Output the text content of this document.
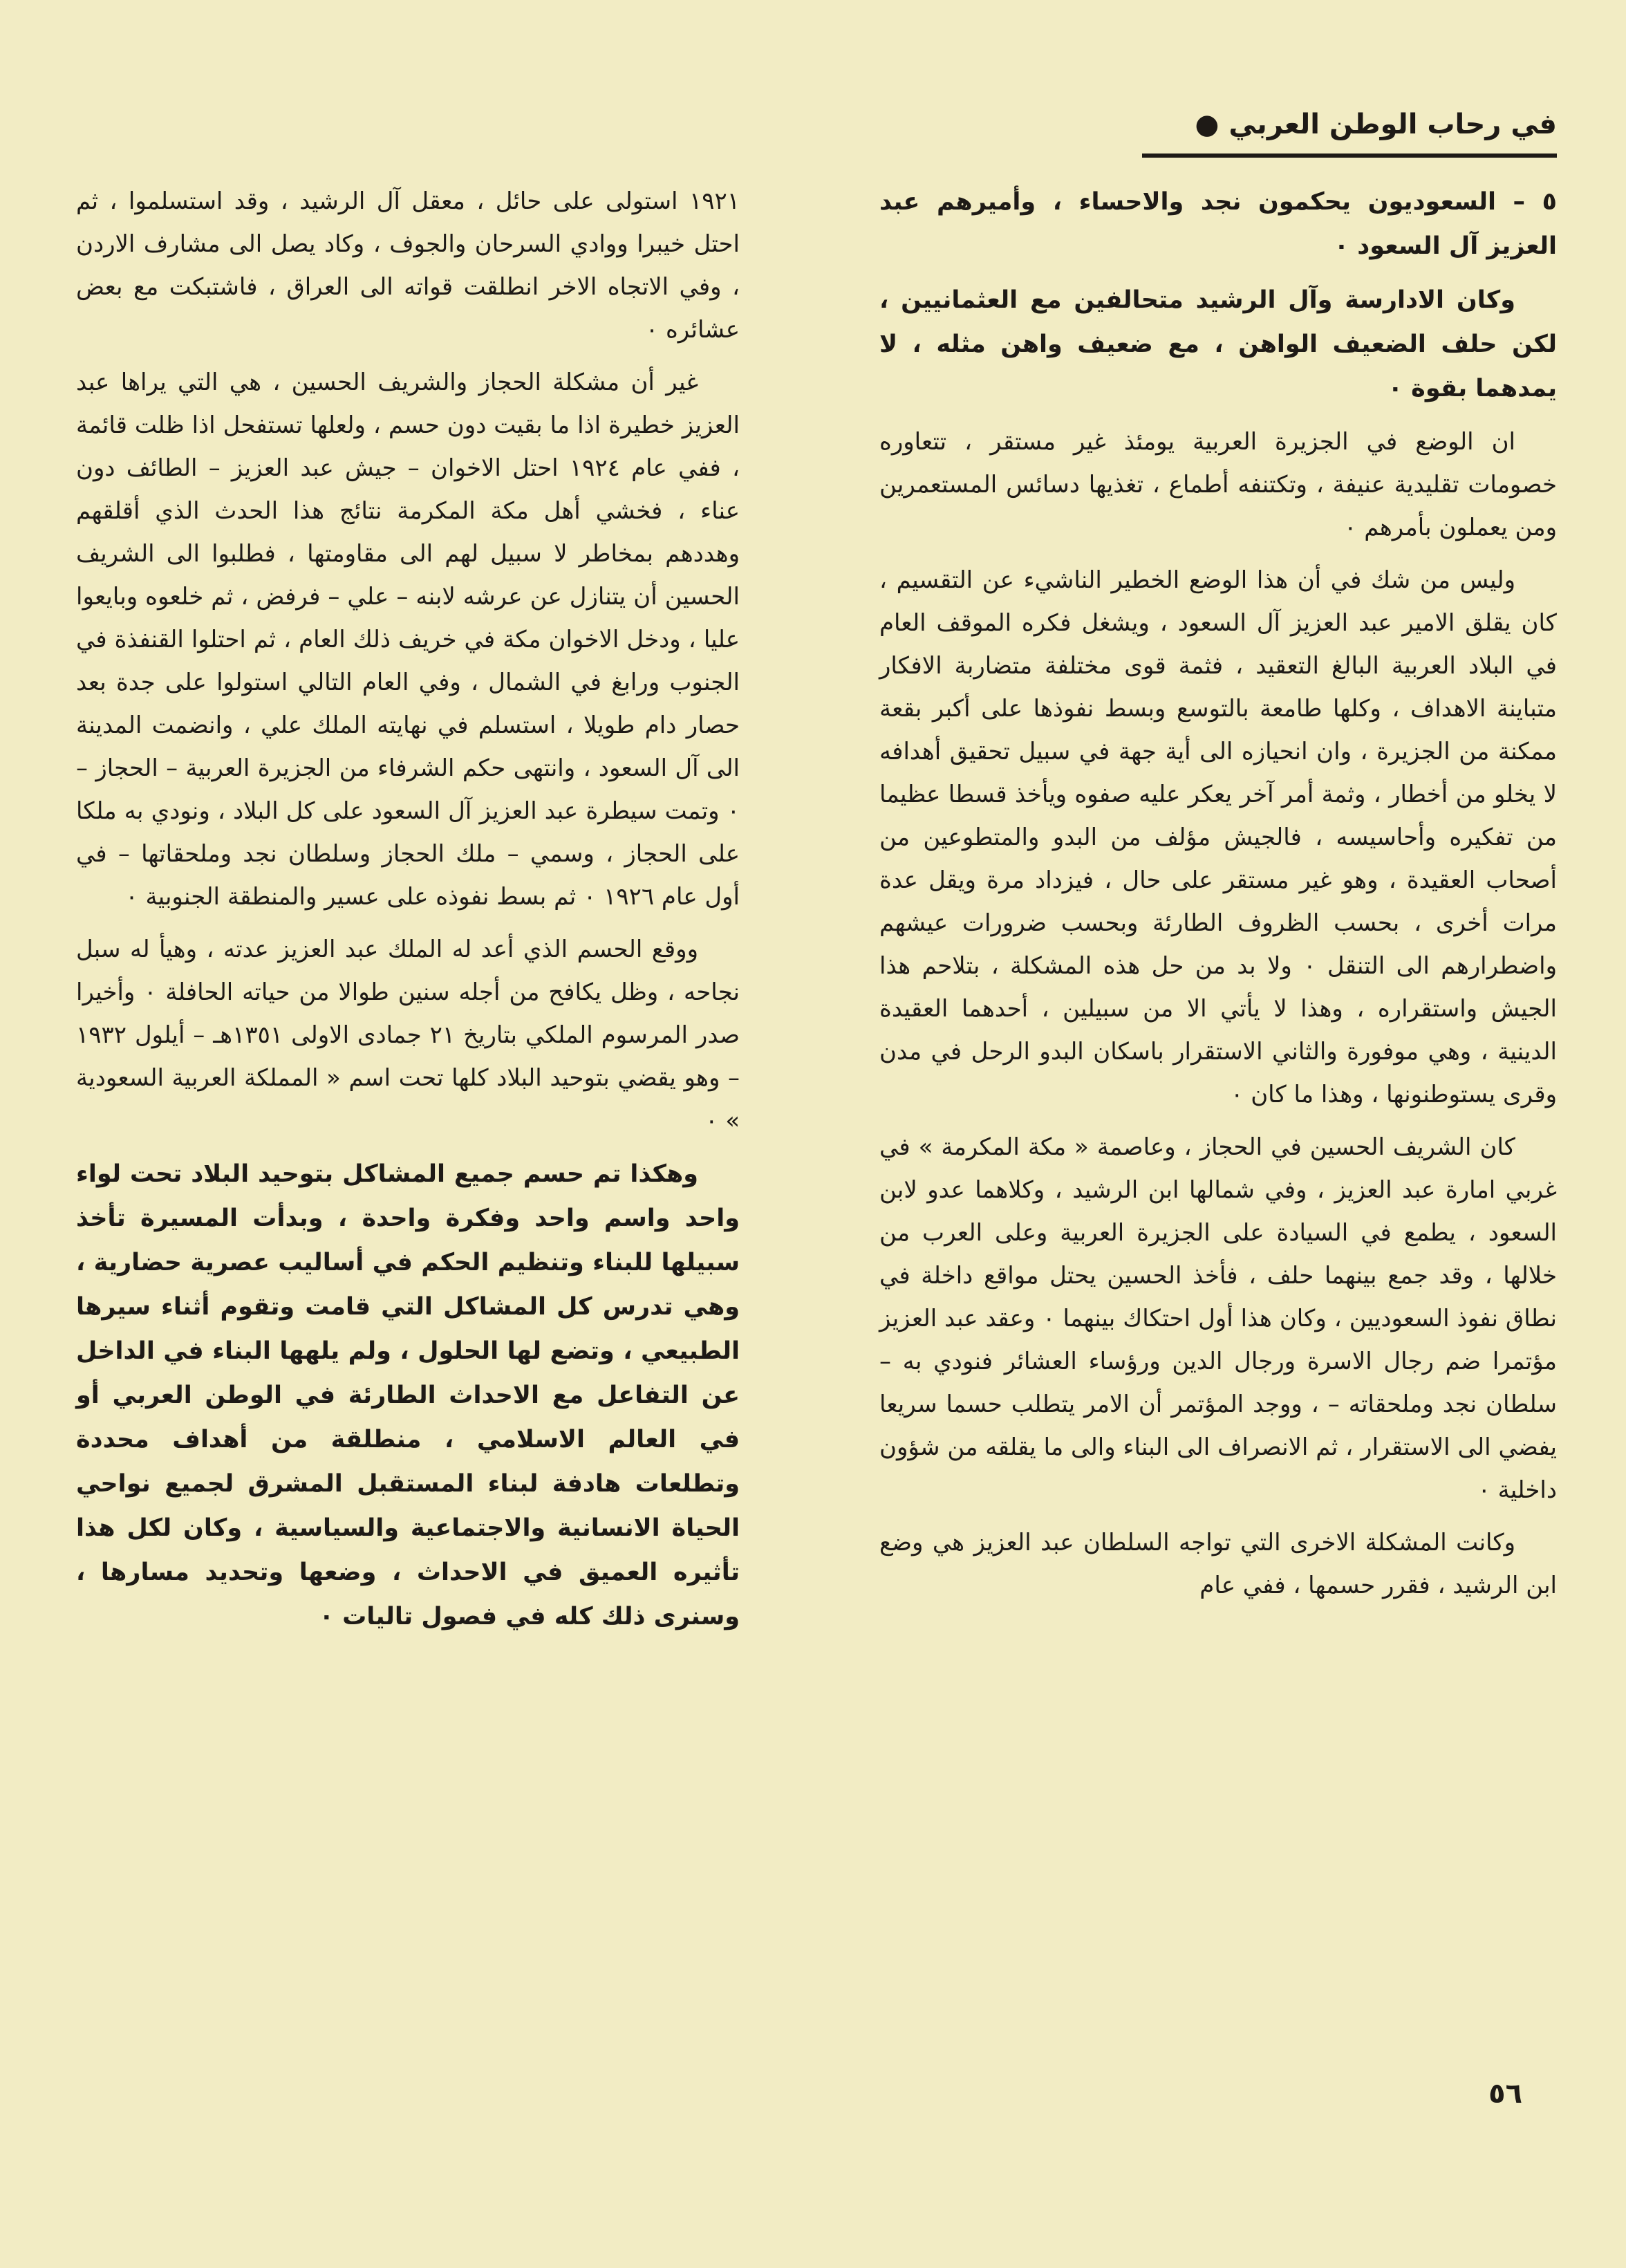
في رحاب الوطن العربي ●

٥ – السعوديون يحكمون نجد والاحساء ، وأميرهم عبد العزيز آل السعود ٠

وكان الادارسة وآل الرشيد متحالفين مع العثمانيين ، لكن حلف الضعيف الواهن ، مع ضعيف واهن مثله ، لا يمدهما بقوة ٠

ان الوضع في الجزيرة العربية يومئذ غير مستقر ، تتعاوره خصومات تقليدية عنيفة ، وتكتنفه أطماع ، تغذيها دسائس المستعمرين ومن يعملون بأمرهم ٠

وليس من شك في أن هذا الوضع الخطير الناشيء عن التقسيم ، كان يقلق الامير عبد العزيز آل السعود ، ويشغل فكره الموقف العام في البلاد العربية البالغ التعقيد ، فثمة قوى مختلفة متضاربة الافكار متباينة الاهداف ، وكلها طامعة بالتوسع وبسط نفوذها على أكبر بقعة ممكنة من الجزيرة ، وان انحيازه الى أية جهة في سبيل تحقيق أهدافه لا يخلو من أخطار ، وثمة أمر آخر يعكر عليه صفوه ويأخذ قسطا عظيما من تفكيره وأحاسيسه ، فالجيش مؤلف من البدو والمتطوعين من أصحاب العقيدة ، وهو غير مستقر على حال ، فيزداد مرة ويقل عدة مرات أخرى ، بحسب الظروف الطارئة وبحسب ضرورات عيشهم واضطرارهم الى التنقل ٠ ولا بد من حل هذه المشكلة ، بتلاحم هذا الجيش واستقراره ، وهذا لا يأتي الا من سبيلين ، أحدهما العقيدة الدينية ، وهي موفورة والثاني الاستقرار باسكان البدو الرحل في مدن وقرى يستوطنونها ، وهذا ما كان ٠

كان الشريف الحسين في الحجاز ، وعاصمة « مكة المكرمة » في غربي امارة عبد العزيز ، وفي شمالها ابن الرشيد ، وكلاهما عدو لابن السعود ، يطمع في السيادة على الجزيرة العربية وعلى العرب من خلالها ، وقد جمع بينهما حلف ، فأخذ الحسين يحتل مواقع داخلة في نطاق نفوذ السعوديين ، وكان هذا أول احتكاك بينهما ٠ وعقد عبد العزيز مؤتمرا ضم رجال الاسرة ورجال الدين ورؤساء العشائر فنودي به – سلطان نجد وملحقاته – ، ووجد المؤتمر أن الامر يتطلب حسما سريعا يفضي الى الاستقرار ، ثم الانصراف الى البناء والى ما يقلقه من شؤون داخلية ٠

وكانت المشكلة الاخرى التي تواجه السلطان عبد العزيز هي وضع ابن الرشيد ، فقرر حسمها ، ففي عام

١٩٢١ استولى على حائل ، معقل آل الرشيد ، وقد استسلموا ، ثم احتل خيبرا ووادي السرحان والجوف ، وكاد يصل الى مشارف الاردن ، وفي الاتجاه الاخر انطلقت قواته الى العراق ، فاشتبكت مع بعض عشائره ٠

غير أن مشكلة الحجاز والشريف الحسين ، هي التي يراها عبد العزيز خطيرة اذا ما بقيت دون حسم ، ولعلها تستفحل اذا ظلت قائمة ، ففي عام ١٩٢٤ احتل الاخوان – جيش عبد العزيز – الطائف دون عناء ، فخشي أهل مكة المكرمة نتائج هذا الحدث الذي أقلقهم وهددهم بمخاطر لا سبيل لهم الى مقاومتها ، فطلبوا الى الشريف الحسين أن يتنازل عن عرشه لابنه – علي – فرفض ، ثم خلعوه وبايعوا عليا ، ودخل الاخوان مكة في خريف ذلك العام ، ثم احتلوا القنفذة في الجنوب ورابغ في الشمال ، وفي العام التالي استولوا على جدة بعد حصار دام طويلا ، استسلم في نهايته الملك علي ، وانضمت المدينة الى آل السعود ، وانتهى حكم الشرفاء من الجزيرة العربية – الحجاز – ٠ وتمت سيطرة عبد العزيز آل السعود على كل البلاد ، ونودي به ملكا على الحجاز ، وسمي – ملك الحجاز وسلطان نجد وملحقاتها – في أول عام ١٩٢٦ ٠ ثم بسط نفوذه على عسير والمنطقة الجنوبية ٠

ووقع الحسم الذي أعد له الملك عبد العزيز عدته ، وهيأ له سبل نجاحه ، وظل يكافح من أجله سنين طوالا من حياته الحافلة ٠ وأخيرا صدر المرسوم الملكي بتاريخ ٢١ جمادى الاولى ١٣٥١هـ – أيلول ١٩٣٢ – وهو يقضي بتوحيد البلاد كلها تحت اسم « المملكة العربية السعودية » ٠

وهكذا تم حسم جميع المشاكل بتوحيد البلاد تحت لواء واحد واسم واحد وفكرة واحدة ، وبدأت المسيرة تأخذ سبيلها للبناء وتنظيم الحكم في أساليب عصرية حضارية ، وهي تدرس كل المشاكل التي قامت وتقوم أثناء سيرها الطبيعي ، وتضع لها الحلول ، ولم يلهها البناء في الداخل عن التفاعل مع الاحداث الطارئة في الوطن العربي أو في العالم الاسلامي ، منطلقة من أهداف محددة وتطلعات هادفة لبناء المستقبل المشرق لجميع نواحي الحياة الانسانية والاجتماعية والسياسية ، وكان لكل هذا تأثيره العميق في الاحداث ، وضعها وتحديد مسارها ، وسنرى ذلك كله في فصول تاليات ٠

٥٦
